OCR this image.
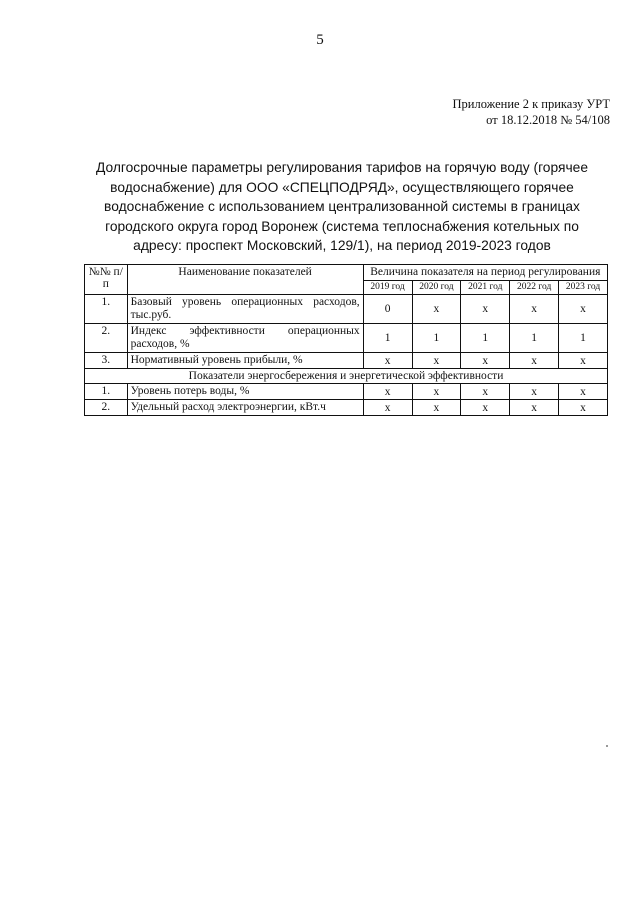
5
Приложение 2 к приказу УРТ
от 18.12.2018 № 54/108
Долгосрочные параметры регулирования тарифов на горячую воду (горячее водоснабжение) для ООО «СПЕЦПОДРЯД», осуществляющего горячее водоснабжение с использованием централизованной системы в границах городского округа город Воронеж (система теплоснабжения котельных по адресу: проспект Московский, 129/1), на период 2019-2023 годов
№№ п/п	Наименование показателей	Величина показателя на период регулирования				
		2019 год	2020 год	2021 год	2022 год	2023 год
1.	Базовый уровень операционных расходов, тыс.руб.	0	х	х	х	х
2.	Индекс эффективности операционных расходов, %	1	1	1	1	1
3.	Нормативный уровень прибыли, %	х	х	х	х	х
Показатели энергосбережения и энергетической эффективности						
1.	Уровень потерь воды, %	х	х	х	х	х
2.	Удельный расход электроэнергии, кВт.ч	х	х	х	х	х
